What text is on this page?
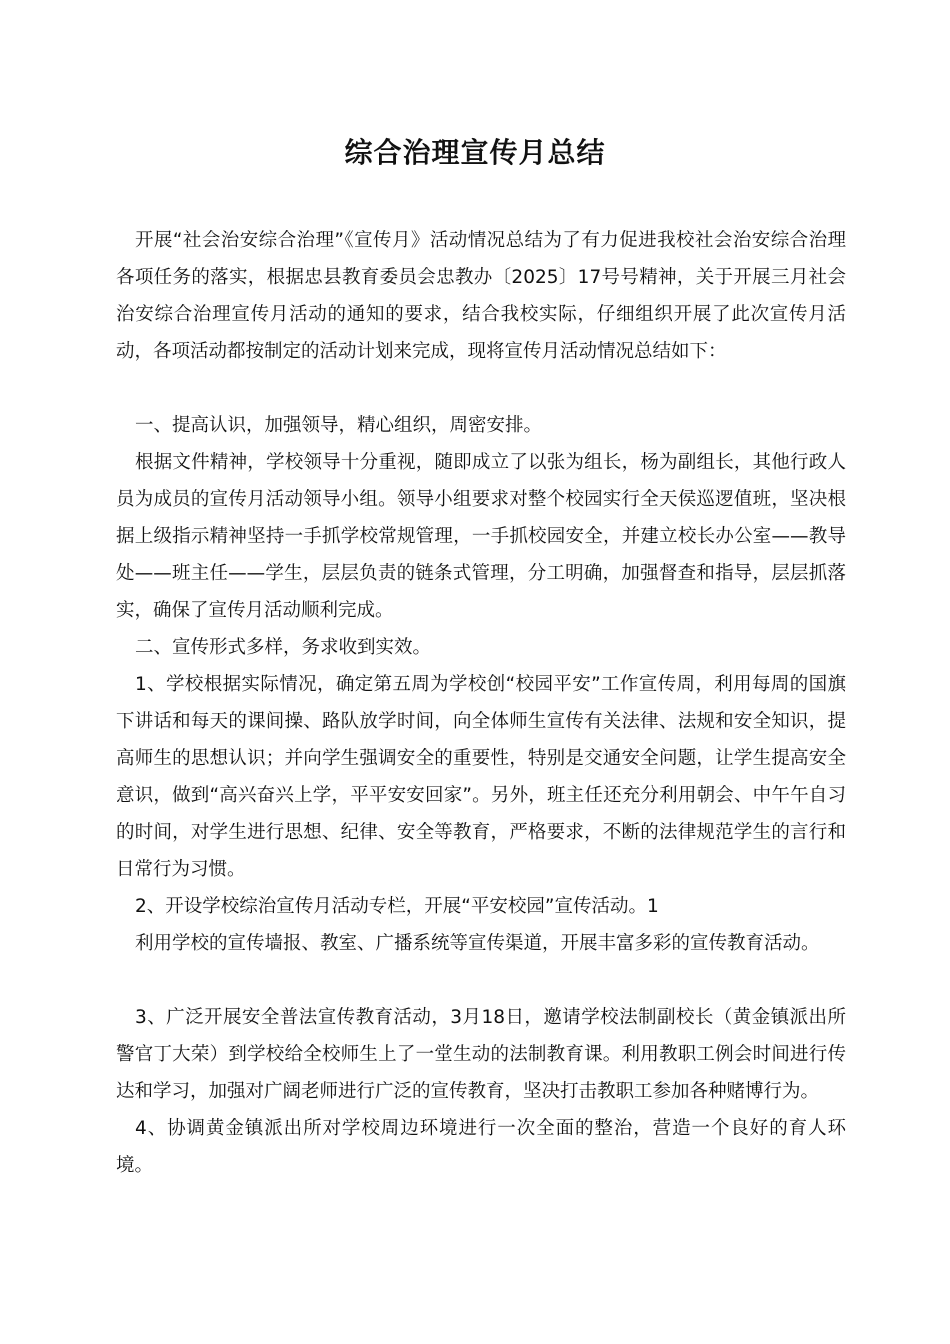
综合治理宣传月总结

开展“社会治安综合治理”《宣传月》活动情况总结为了有力促进我校社会治安综合治理各项任务的落实，根据忠县教育委员会忠教办〔2025〕17号号精神，关于开展三月社会治安综合治理宣传月活动的通知的要求，结合我校实际，仔细组织开展了此次宣传月活动，各项活动都按制定的活动计划来完成，现将宣传月活动情况总结如下：

一、提高认识，加强领导，精心组织，周密安排。

根据文件精神，学校领导十分重视，随即成立了以张为组长，杨为副组长，其他行政人员为成员的宣传月活动领导小组。领导小组要求对整个校园实行全天侯巡逻值班，坚决根据上级指示精神坚持一手抓学校常规管理，一手抓校园安全，并建立校长办公室——教导处——班主任——学生，层层负责的链条式管理，分工明确，加强督查和指导，层层抓落实，确保了宣传月活动顺利完成。

二、宣传形式多样，务求收到实效。

1、学校根据实际情况，确定第五周为学校创“校园平安”工作宣传周，利用每周的国旗下讲话和每天的课间操、路队放学时间，向全体师生宣传有关法律、法规和安全知识，提高师生的思想认识；并向学生强调安全的重要性，特别是交通安全问题，让学生提高安全意识，做到“高兴奋兴上学，平平安安回家”。另外，班主任还充分利用朝会、中午午自习的时间，对学生进行思想、纪律、安全等教育，严格要求，不断的法律规范学生的言行和日常行为习惯。

2、开设学校综治宣传月活动专栏，开展“平安校园”宣传活动。1

利用学校的宣传墙报、教室、广播系统等宣传渠道，开展丰富多彩的宣传教育活动。

3、广泛开展安全普法宣传教育活动，3月18日，邀请学校法制副校长（黄金镇派出所警官丁大荣）到学校给全校师生上了一堂生动的法制教育课。利用教职工例会时间进行传达和学习，加强对广阔老师进行广泛的宣传教育，坚决打击教职工参加各种赌博行为。

4、协调黄金镇派出所对学校周边环境进行一次全面的整治，营造一个良好的育人环境。
